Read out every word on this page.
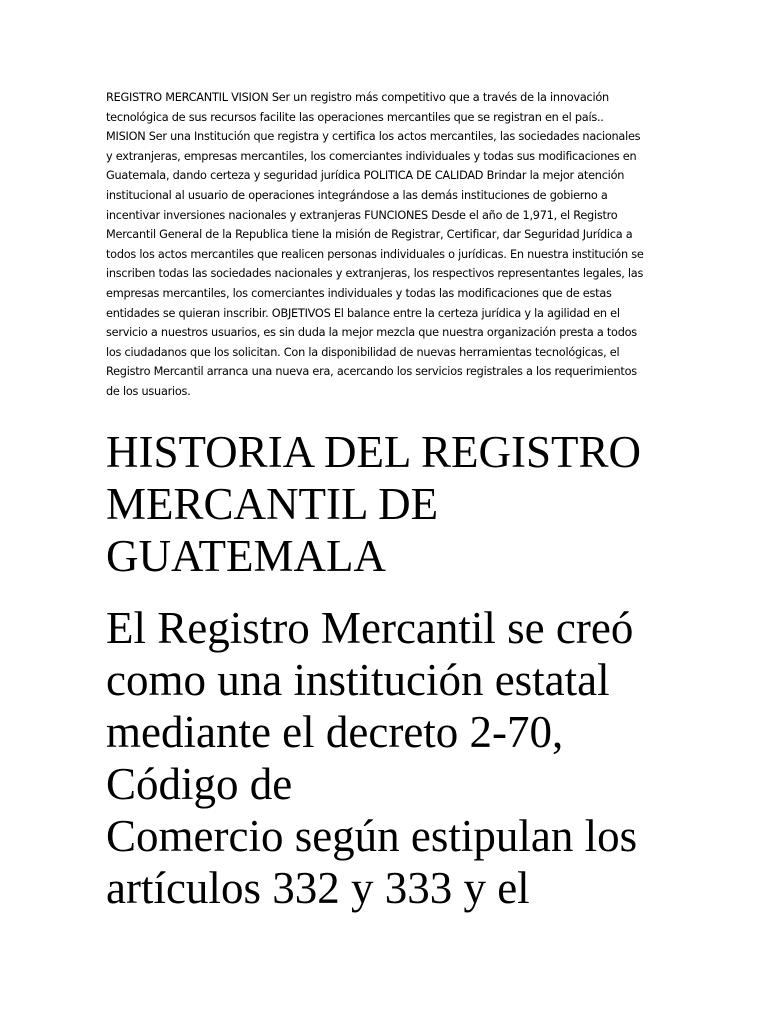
REGISTRO MERCANTIL VISION Ser un registro más competitivo que a través de la innovación
tecnológica de sus recursos facilite las operaciones mercantiles que se registran en el país..
MISION Ser una Institución que registra y certifica los actos mercantiles, las sociedades nacionales
y extranjeras, empresas mercantiles, los comerciantes individuales y todas sus modificaciones en
Guatemala, dando certeza y seguridad jurídica POLITICA DE CALIDAD Brindar la mejor atención
institucional al usuario de operaciones integrándose a las demás instituciones de gobierno a
incentivar inversiones nacionales y extranjeras FUNCIONES Desde el año de 1,971, el Registro
Mercantil General de la Republica tiene la misión de Registrar, Certificar, dar Seguridad Jurídica a
todos los actos mercantiles que realicen personas individuales o jurídicas. En nuestra institución se
inscriben todas las sociedades nacionales y extranjeras, los respectivos representantes legales, las
empresas mercantiles, los comerciantes individuales y todas las modificaciones que de estas
entidades se quieran inscribir. OBJETIVOS El balance entre la certeza jurídica y la agilidad en el
servicio a nuestros usuarios, es sin duda la mejor mezcla que nuestra organización presta a todos
los ciudadanos que los solicitan. Con la disponibilidad de nuevas herramientas tecnológicas, el
Registro Mercantil arranca una nueva era, acercando los servicios registrales a los requerimientos
de los usuarios.

HISTORIA DEL REGISTRO
MERCANTIL DE
GUATEMALA

El Registro Mercantil se creó
como una institución estatal
mediante el decreto 2-70,
Código de
Comercio según estipulan los
artículos 332 y 333 y el
